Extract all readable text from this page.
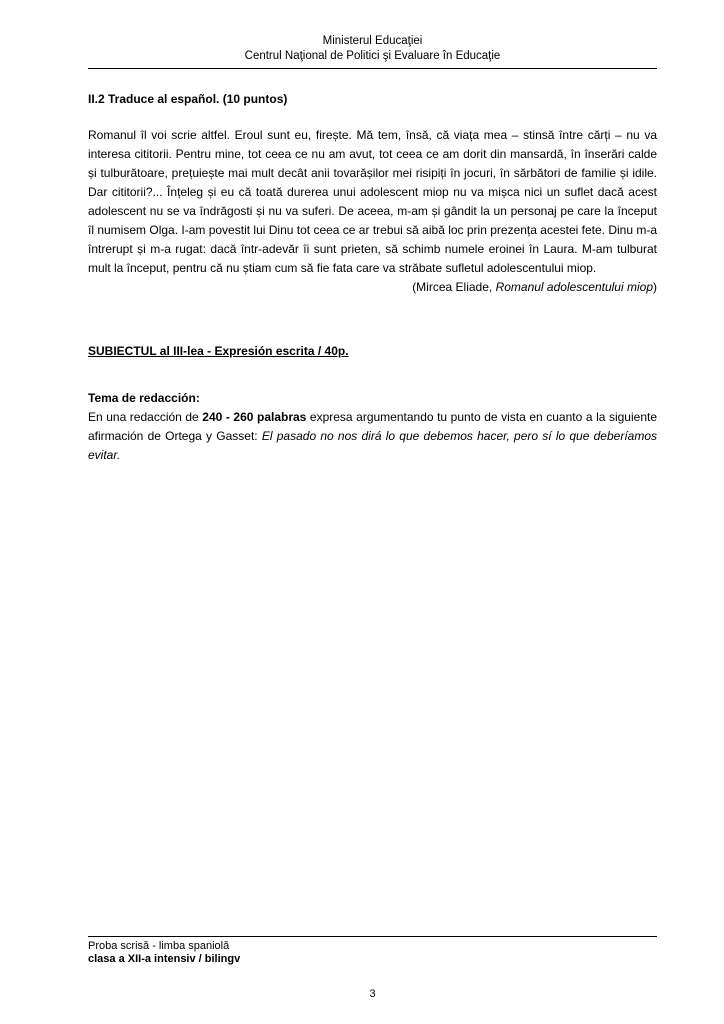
Ministerul Educaţiei
Centrul Naţional de Politici şi Evaluare în Educaţie
II.2 Traduce al español. (10 puntos)

Romanul îl voi scrie altfel. Eroul sunt eu, firește. Mă tem, însă, că viața mea – stinsă între cărți – nu va interesa cititorii. Pentru mine, tot ceea ce nu am avut, tot ceea ce am dorit din mansardă, în înserări calde și tulburătoare, prețuiește mai mult decât anii tovarășilor mei risipiți în jocuri, în sărbători de familie și idile. Dar cititorii?... Înțeleg și eu că toată durerea unui adolescent miop nu va mișca nici un suflet dacă acest adolescent nu se va îndrăgosti și nu va suferi. De aceea, m-am și gândit la un personaj pe care la început îl numisem Olga. I-am povestit lui Dinu tot ceea ce ar trebui să aibă loc prin prezența acestei fete. Dinu m-a întrerupt și m-a rugat: dacă într-adevăr îi sunt prieten, să schimb numele eroinei în Laura. M-am tulburat mult la început, pentru că nu știam cum să fie fata care va străbate sufletul adolescentului miop.

(Mircea Eliade, Romanul adolescentului miop)

SUBIECTUL al III-lea - Expresión escrita / 40p.

Tema de redacción:

En una redacción de 240 - 260 palabras expresa argumentando tu punto de vista en cuanto a la siguiente afirmación de Ortega y Gasset: El pasado no nos dirá lo que debemos hacer, pero sí lo que deberíamos evitar.

Proba scrisă - limba spaniolă
clasa a XII-a intensiv / bilingv
3
